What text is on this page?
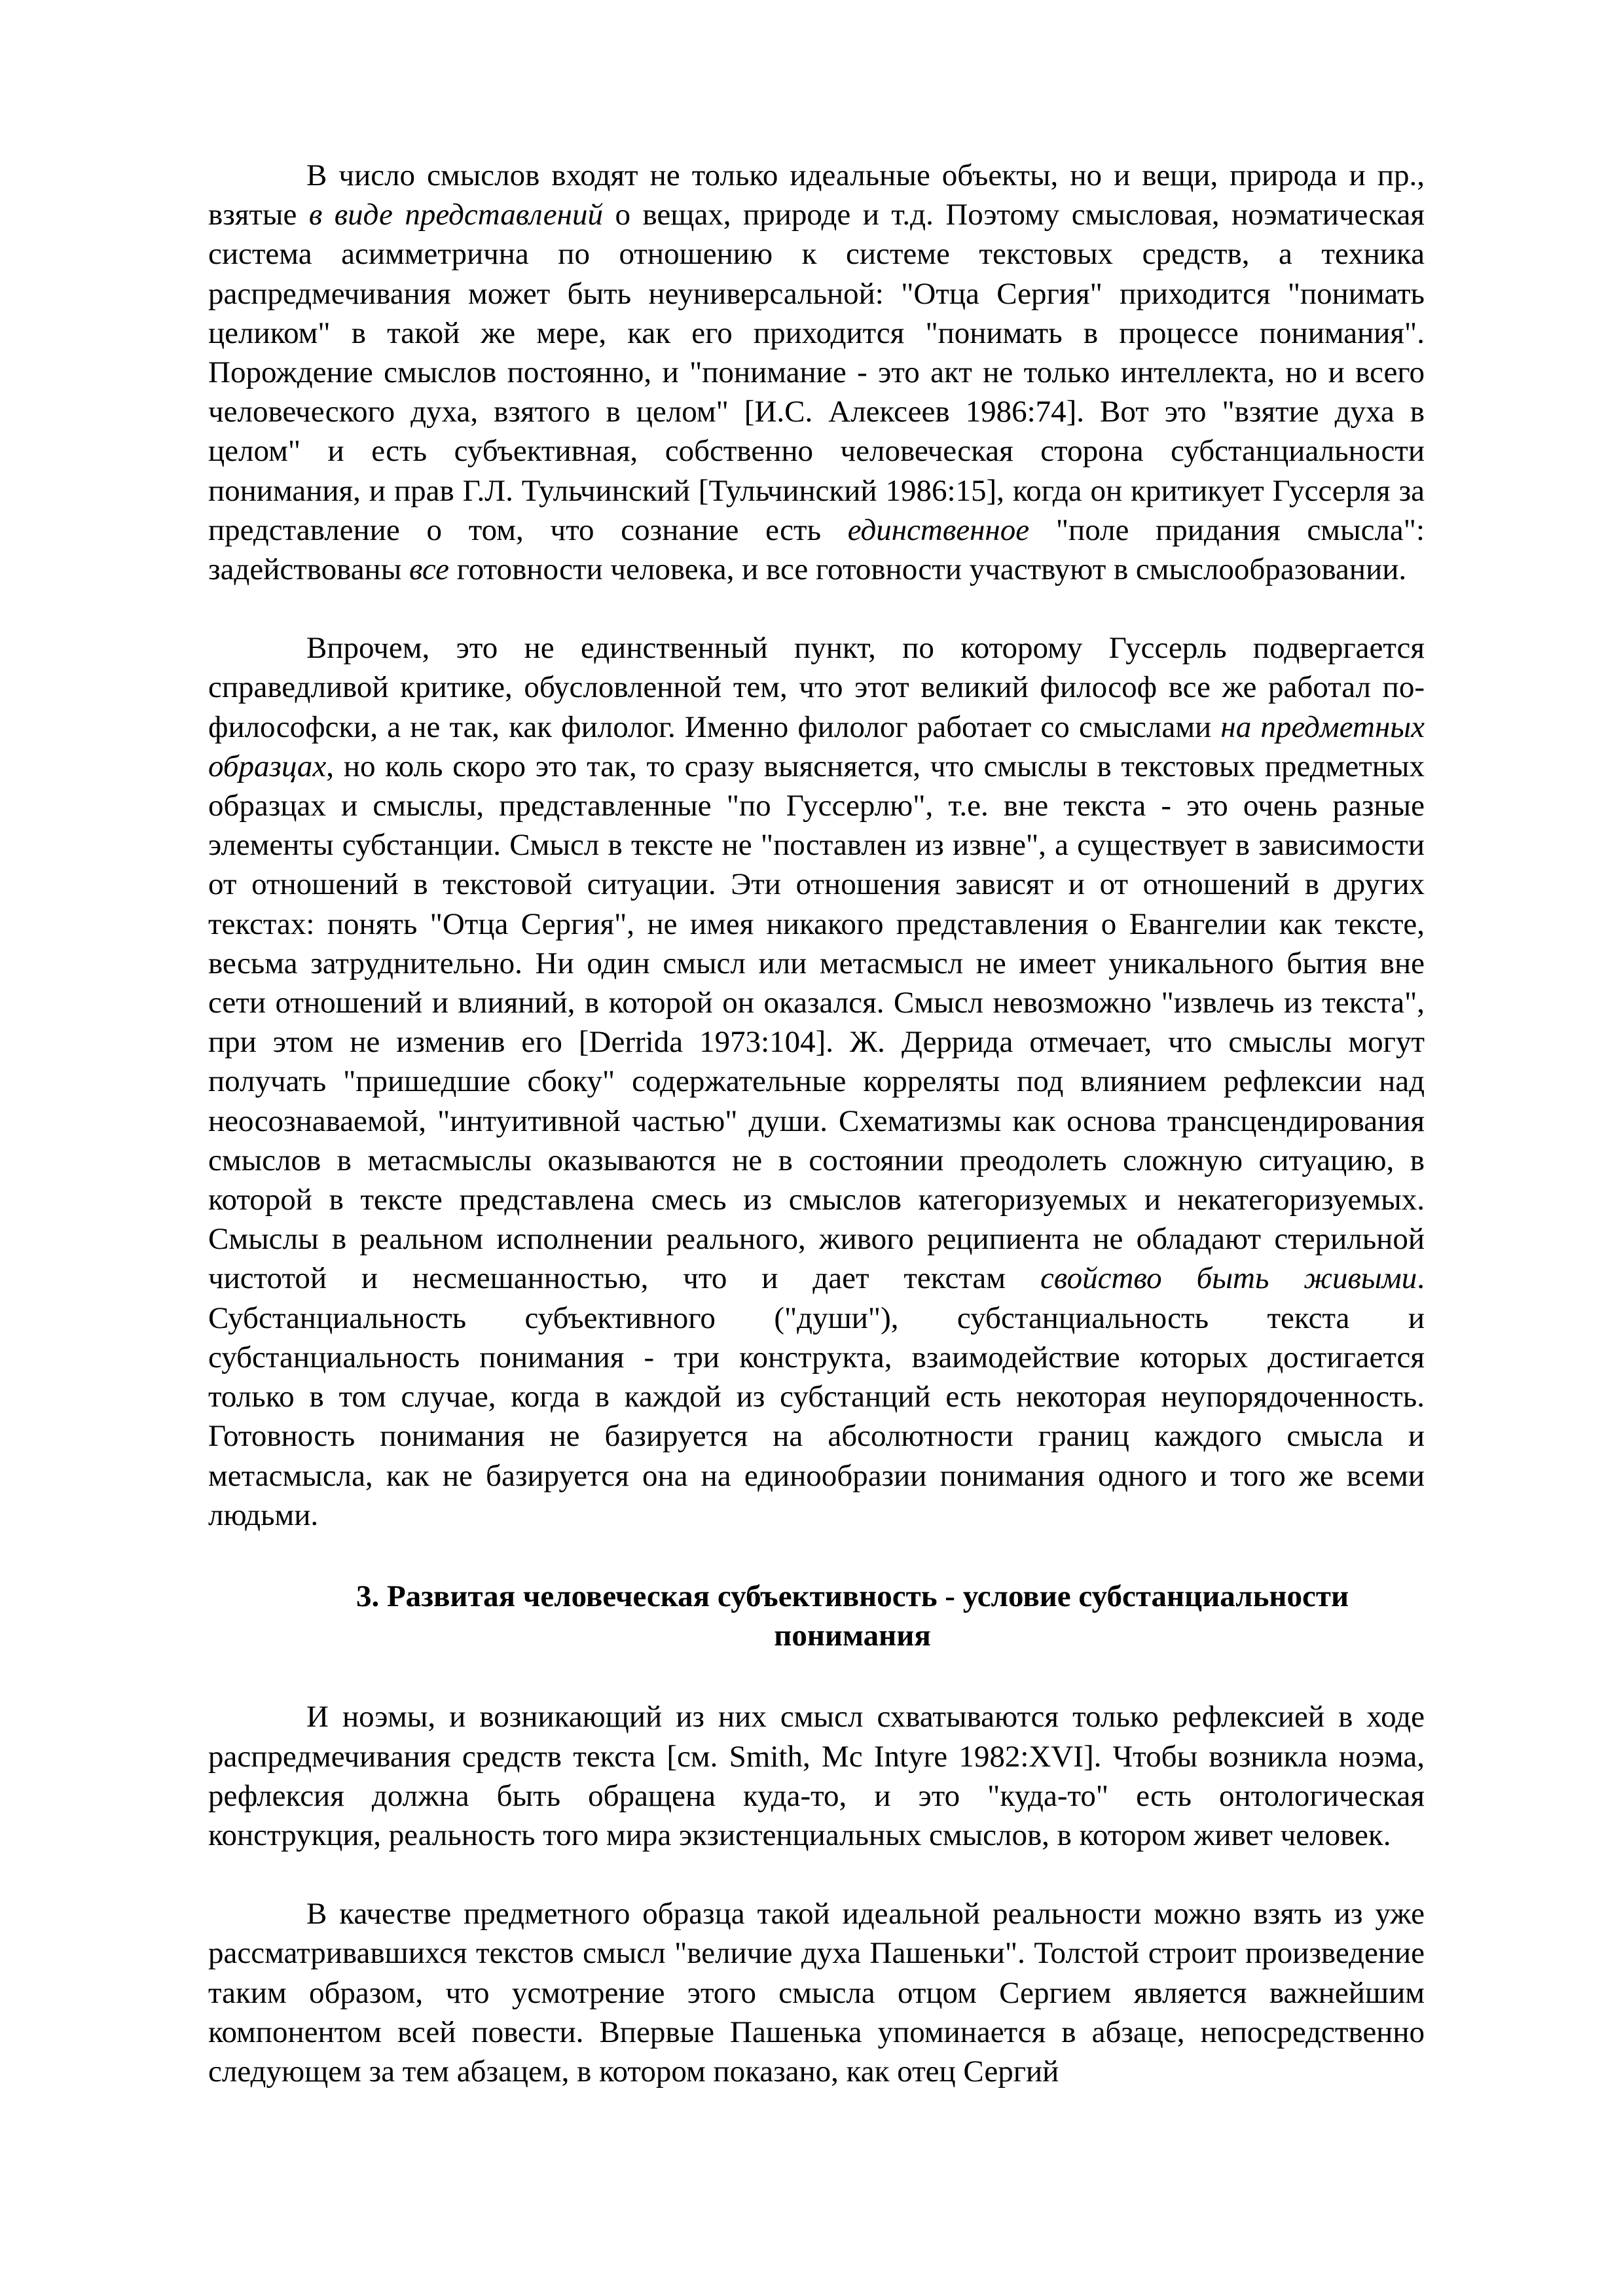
В число смыслов входят не только идеальные объекты, но и вещи, природа и пр., взятые в виде представлений о вещах, природе и т.д. Поэтому смысловая, ноэматическая система асимметрична по отношению к системе текстовых средств, а техника распредмечивания может быть неуниверсальной: "Отца Сергия" приходится "понимать целиком" в такой же мере, как его приходится "понимать в процессе понимания". Порождение смыслов постоянно, и "понимание - это акт не только интеллекта, но и всего человеческого духа, взятого в целом" [И.С. Алексеев 1986:74]. Вот это "взятие духа в целом" и есть субъективная, собственно человеческая сторона субстанциальности понимания, и прав Г.Л. Тульчинский [Тульчинский 1986:15], когда он критикует Гуссерля за представление о том, что сознание есть единственное "поле придания смысла": задействованы все готовности человека, и все готовности участвуют в смыслообразовании.

Впрочем, это не единственный пункт, по которому Гуссерль подвергается справедливой критике, обусловленной тем, что этот великий философ все же работал по-философски, а не так, как филолог. Именно филолог работает со смыслами на предметных образцах, но коль скоро это так, то сразу выясняется, что смыслы в текстовых предметных образцах и смыслы, представленные "по Гуссерлю", т.е. вне текста - это очень разные элементы субстанции. Смысл в тексте не "поставлен из извне", а существует в зависимости от отношений в текстовой ситуации. Эти отношения зависят и от отношений в других текстах: понять "Отца Сергия", не имея никакого представления о Евангелии как тексте, весьма затруднительно. Ни один смысл или метасмысл не имеет уникального бытия вне сети отношений и влияний, в которой он оказался. Смысл невозможно "извлечь из текста", при этом не изменив его [Derrida 1973:104]. Ж. Деррида отмечает, что смыслы могут получать "пришедшие сбоку" содержательные корреляты под влиянием рефлексии над неосознаваемой, "интуитивной частью" души. Схематизмы как основа трансцендирования смыслов в метасмыслы оказываются не в состоянии преодолеть сложную ситуацию, в которой в тексте представлена смесь из смыслов категоризуемых и некатегоризуемых. Смыслы в реальном исполнении реального, живого реципиента не обладают стерильной чистотой и несмешанностью, что и дает текстам свойство быть живыми. Субстанциальность субъективного ("души"), субстанциальность текста и субстанциальность понимания - три конструкта, взаимодействие которых достигается только в том случае, когда в каждой из субстанций есть некоторая неупорядоченность. Готовность понимания не базируется на абсолютности границ каждого смысла и метасмысла, как не базируется она на единообразии понимания одного и того же всеми людьми.

3. Развитая человеческая субъективность - условие субстанциальности
понимания

И ноэмы, и возникающий из них смысл схватываются только рефлексией в ходе распредмечивания средств текста [см. Smith, Mc Intyre 1982:XVI]. Чтобы возникла ноэма, рефлексия должна быть обращена куда-то, и это "куда-то" есть онтологическая конструкция, реальность того мира экзистенциальных смыслов, в котором живет человек.

В качестве предметного образца такой идеальной реальности можно взять из уже рассматривавшихся текстов смысл "величие духа Пашеньки". Толстой строит произведение таким образом, что усмотрение этого смысла отцом Сергием является важнейшим компонентом всей повести. Впервые Пашенька упоминается в абзаце, непосредственно следующем за тем абзацем, в котором показано, как отец Сергий
